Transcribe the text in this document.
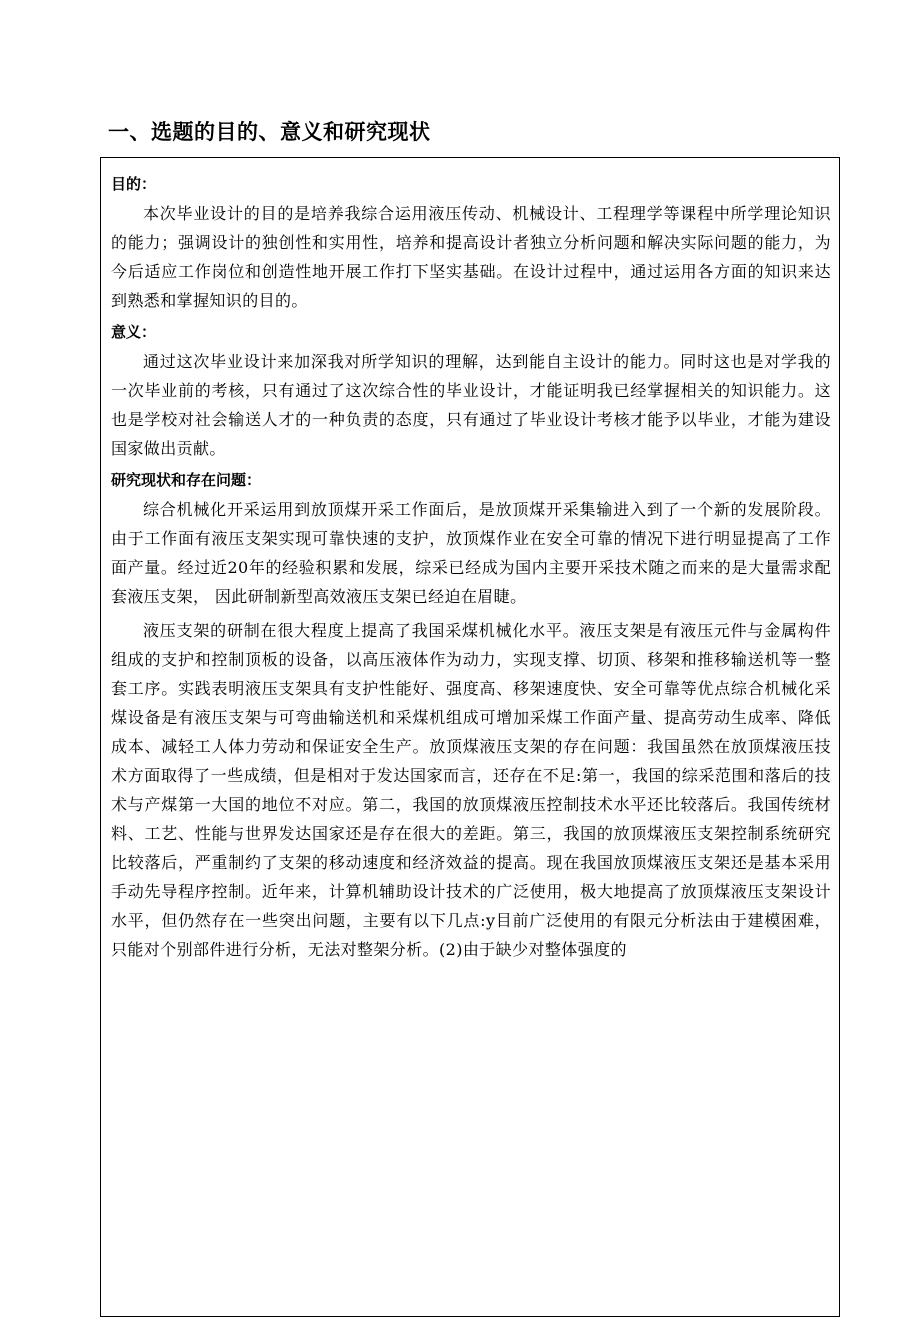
一、选题的目的、意义和研究现状
目的：

本次毕业设计的目的是培养我综合运用液压传动、机械设计、工程理学等课程中所学理论知识的能力；强调设计的独创性和实用性，培养和提高设计者独立分析问题和解决实际问题的能力，为今后适应工作岗位和创造性地开展工作打下坚实基础。在设计过程中，通过运用各方面的知识来达到熟悉和掌握知识的目的。

意义：

通过这次毕业设计来加深我对所学知识的理解，达到能自主设计的能力。同时这也是对学我的一次毕业前的考核，只有通过了这次综合性的毕业设计，才能证明我已经掌握相关的知识能力。这也是学校对社会输送人才的一种负责的态度，只有通过了毕业设计考核才能予以毕业，才能为建设国家做出贡献。

研究现状和存在问题：

综合机械化开采运用到放顶煤开采工作面后，是放顶煤开采集输进入到了一个新的发展阶段。由于工作面有液压支架实现可靠快速的支护，放顶煤作业在安全可靠的情况下进行明显提高了工作面产量。经过近20年的经验积累和发展，综采已经成为国内主要开采技术随之而来的是大量需求配套液压支架， 因此研制新型高效液压支架已经迫在眉睫。

液压支架的研制在很大程度上提高了我国采煤机械化水平。液压支架是有液压元件与金属构件组成的支护和控制顶板的设备，以高压液体作为动力，实现支撑、切顶、移架和推移输送机等一整套工序。实践表明液压支架具有支护性能好、强度高、移架速度快、安全可靠等优点综合机械化采煤设备是有液压支架与可弯曲输送机和采煤机组成可增加采煤工作面产量、提高劳动生成率、降低成本、减轻工人体力劳动和保证安全生产。放顶煤液压支架的存在问题：我国虽然在放顶煤液压技术方面取得了一些成绩，但是相对于发达国家而言，还存在不足:第一，我国的综采范围和落后的技术与产煤第一大国的地位不对应。第二，我国的放顶煤液压控制技术水平还比较落后。我国传统材料、工艺、性能与世界发达国家还是存在很大的差距。第三，我国的放顶煤液压支架控制系统研究比较落后，严重制约了支架的移动速度和经济效益的提高。现在我国放顶煤液压支架还是基本采用手动先导程序控制。近年来，计算机辅助设计技术的广泛使用，极大地提高了放顶煤液压支架设计水平，但仍然存在一些突出问题，主要有以下几点:y目前广泛使用的有限元分析法由于建模困难，只能对个别部件进行分析，无法对整架分析。(2)由于缺少对整体强度的
